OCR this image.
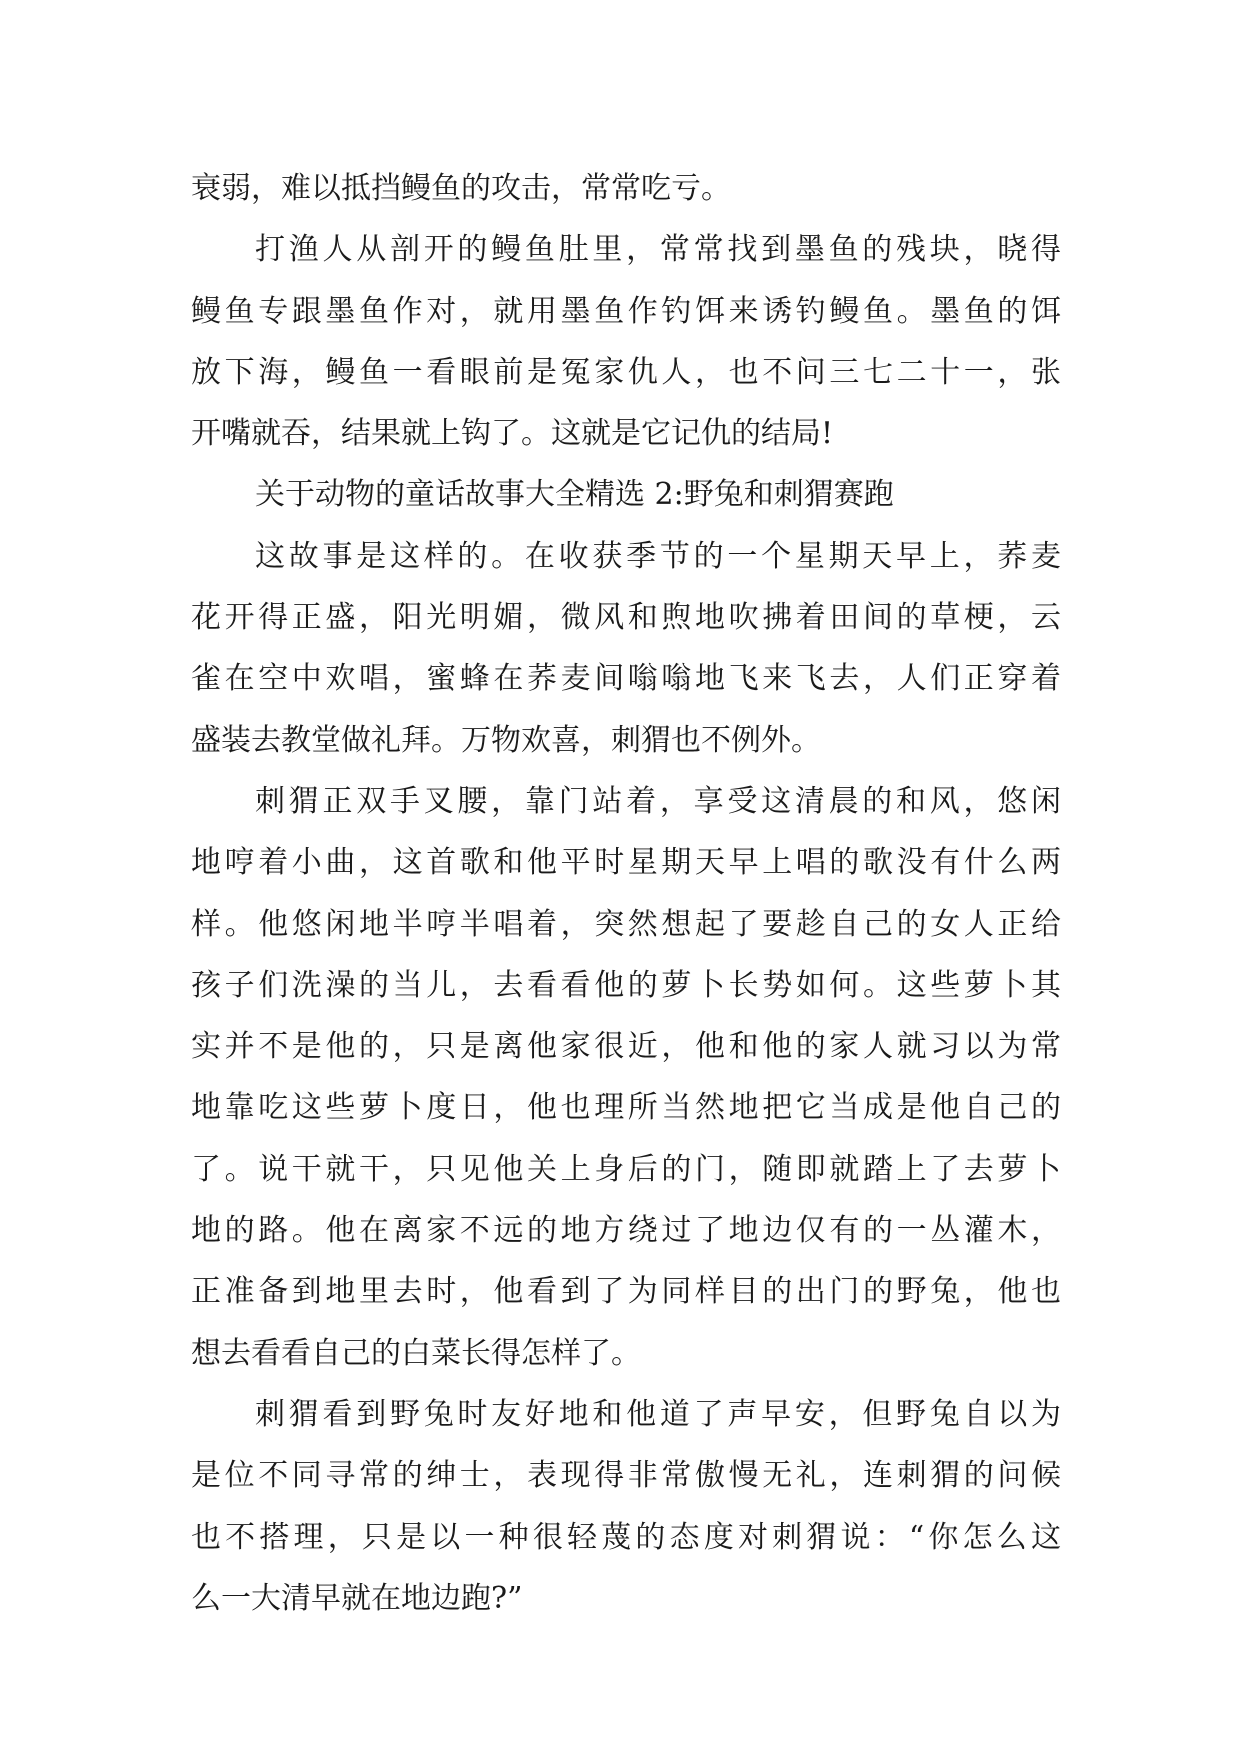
衰弱，难以抵挡鳗鱼的攻击，常常吃亏。
打渔人从剖开的鳗鱼肚里，常常找到墨鱼的残块，晓得
鳗鱼专跟墨鱼作对，就用墨鱼作钓饵来诱钓鳗鱼。墨鱼的饵
放下海，鳗鱼一看眼前是冤家仇人，也不问三七二十一，张
开嘴就吞，结果就上钩了。这就是它记仇的结局!
关于动物的童话故事大全精选 2:野兔和刺猬赛跑
这故事是这样的。在收获季节的一个星期天早上，荞麦
花开得正盛，阳光明媚，微风和煦地吹拂着田间的草梗，云
雀在空中欢唱，蜜蜂在荞麦间嗡嗡地飞来飞去，人们正穿着
盛装去教堂做礼拜。万物欢喜，刺猬也不例外。
刺猬正双手叉腰，靠门站着，享受这清晨的和风，悠闲
地哼着小曲，这首歌和他平时星期天早上唱的歌没有什么两
样。他悠闲地半哼半唱着，突然想起了要趁自己的女人正给
孩子们洗澡的当儿，去看看他的萝卜长势如何。这些萝卜其
实并不是他的，只是离他家很近，他和他的家人就习以为常
地靠吃这些萝卜度日，他也理所当然地把它当成是他自己的
了。说干就干，只见他关上身后的门，随即就踏上了去萝卜
地的路。他在离家不远的地方绕过了地边仅有的一丛灌木，
正准备到地里去时，他看到了为同样目的出门的野兔，他也
想去看看自己的白菜长得怎样了。
刺猬看到野兔时友好地和他道了声早安，但野兔自以为
是位不同寻常的绅士，表现得非常傲慢无礼，连刺猬的问候
也不搭理，只是以一种很轻蔑的态度对刺猬说：“你怎么这
么一大清早就在地边跑?”
